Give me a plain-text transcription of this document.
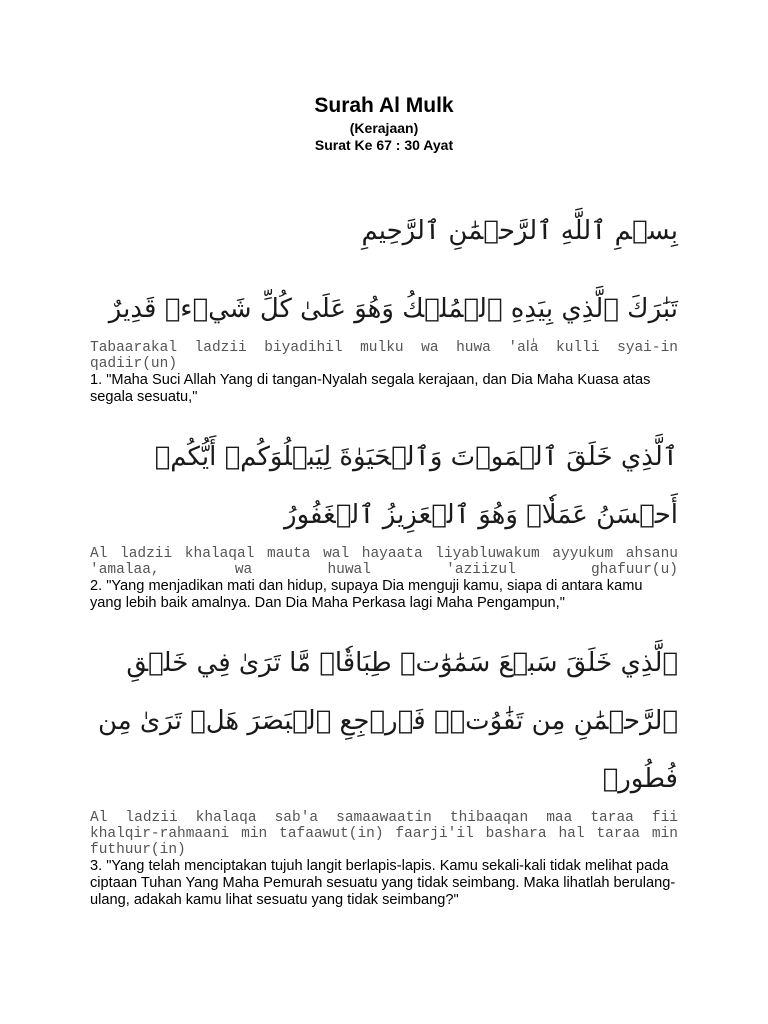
Surah Al Mulk
(Kerajaan)
Surat Ke 67 : 30 Ayat
بِسۡمِ ٱللَّهِ ٱلرَّحۡمَٰنِ ٱلرَّحِيمِ
تَبَٰرَكَ ٱلَّذِي بِيَدِهِ ٱلۡمُلۡكُ وَهُوَ عَلَىٰ كُلِّ شَيۡءٖ قَدِيرٌ
Tabaarakal ladzii biyadihil mulku wa huwa 'alٰa kulli syai-in qadiir(un)
1. "Maha Suci Allah Yang di tangan-Nyalah segala kerajaan, dan Dia Maha Kuasa atas segala sesuatu,"
ٱلَّذِي خَلَقَ ٱلۡمَوۡتَ وَٱلۡحَيَوٰةَ لِيَبۡلُوَكُمۡ أَيُّكُمۡ أَحۡسَنُ عَمَلٗاۚ وَهُوَ ٱلۡعَزِيزُ ٱلۡغَفُورُ
Al ladzii khalaqal mauta wal hayaata liyabluwakum ayyukum ahsanu 'amalaa, wa huwal 'aziizul ghafuur(u)
2. "Yang menjadikan mati dan hidup, supaya Dia menguji kamu, siapa di antara kamu yang lebih baik amalnya. Dan Dia Maha Perkasa lagi Maha Pengampun,"
ٱلَّذِي خَلَقَ سَبۡعَ سَمَٰوَٰتٖ طِبَاقٗاۖ مَّا تَرَىٰ فِي خَلۡقِ ٱلرَّحۡمَٰنِ مِن تَفَٰوُتٖۖ فَٱرۡجِعِ ٱلۡبَصَرَ هَلۡ تَرَىٰ مِن فُطُورٖ
Al ladzii khalaqa sab'a samaawaatin thibaaqan maa taraa fii khalqir-rahmaani min tafaawut(in) faarji'il bashara hal taraa min futhuur(in)
3. "Yang telah menciptakan tujuh langit berlapis-lapis. Kamu sekali-kali tidak melihat pada ciptaan Tuhan Yang Maha Pemurah sesuatu yang tidak seimbang. Maka lihatlah berulang-ulang, adakah kamu lihat sesuatu yang tidak seimbang?"
